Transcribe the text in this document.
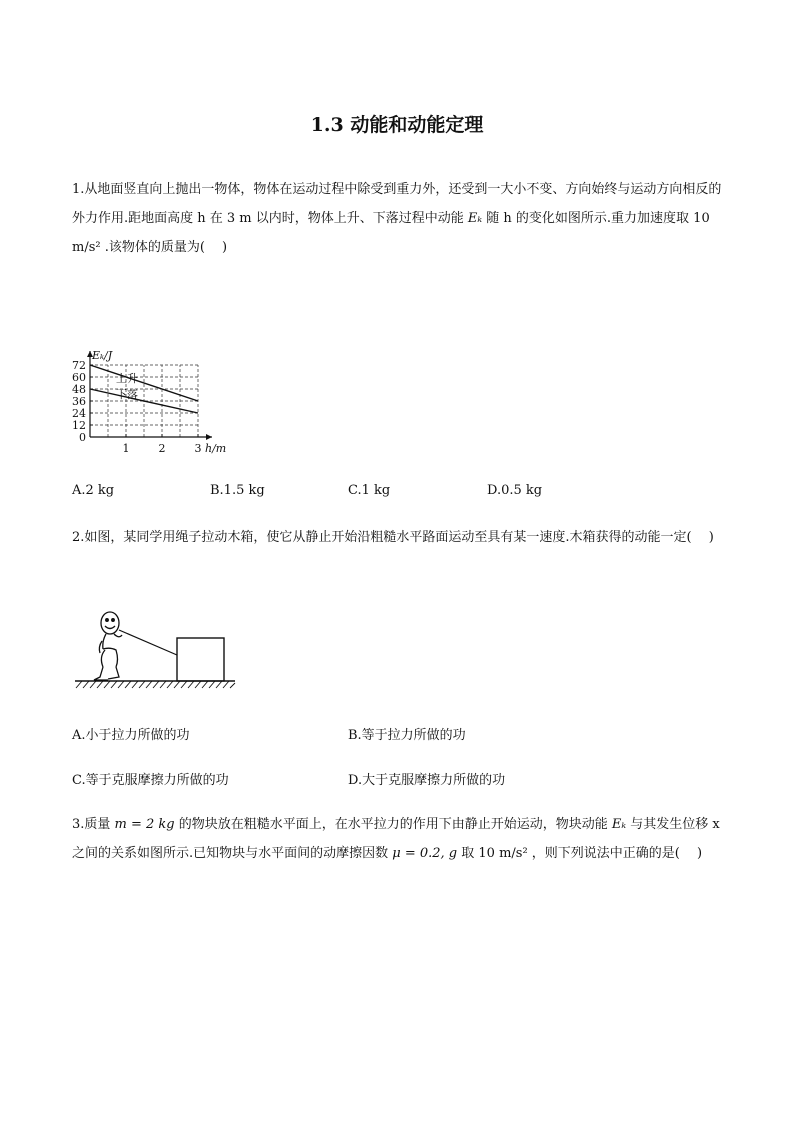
1.3 动能和动能定理

1.从地面竖直向上抛出一物体，物体在运动过程中除受到重力外，还受到一大小不变、方向始终与运动方向相反的外力作用.距地面高度 h 在 3 m 以内时，物体上升、下落过程中动能 Eₖ 随 h 的变化如图所示.重力加速度取 10 m/s² .该物体的质量为(　 )

72
60
48
36
24
12
0
1	2	3
Eₖ/J
h/m
上升
下落
A.2 kg	B.1.5 kg	C.1 kg	D.0.5 kg

2.如图，某同学用绳子拉动木箱，使它从静止开始沿粗糙水平路面运动至具有某一速度.木箱获得的动能一定(　 )

A.小于拉力所做的功	B.等于拉力所做的功
C.等于克服摩擦力所做的功	D.大于克服摩擦力所做的功

3.质量 m = 2 kg 的物块放在粗糙水平面上，在水平拉力的作用下由静止开始运动，物块动能 Eₖ 与其发生位移 x 之间的关系如图所示.已知物块与水平面间的动摩擦因数 μ = 0.2, g 取 10 m/s² ，则下列说法中正确的是(　 )
